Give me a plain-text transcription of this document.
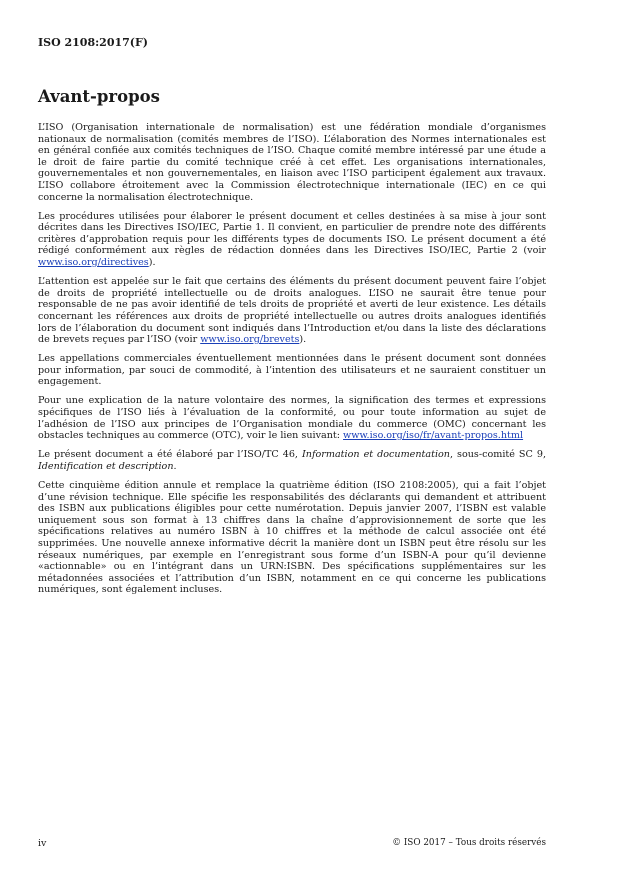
ISO 2108:2017(F)
Avant-propos

L’ISO (Organisation internationale de normalisation) est une fédération mondiale d’organismes nationaux de normalisation (comités membres de l’ISO). L’élaboration des Normes internationales est en général confiée aux comités techniques de l’ISO. Chaque comité membre intéressé par une étude a le droit de faire partie du comité technique créé à cet effet. Les organisations internationales, gouvernementales et non gouvernementales, en liaison avec l’ISO participent également aux travaux. L’ISO collabore étroitement avec la Commission électrotechnique internationale (IEC) en ce qui concerne la normalisation électrotechnique.

Les procédures utilisées pour élaborer le présent document et celles destinées à sa mise à jour sont décrites dans les Directives ISO/IEC, Partie 1. Il convient, en particulier de prendre note des différents critères d’approbation requis pour les différents types de documents ISO. Le présent document a été rédigé conformément aux règles de rédaction données dans les Directives ISO/IEC, Partie 2 (voir www.iso.org/directives).

L’attention est appelée sur le fait que certains des éléments du présent document peuvent faire l’objet de droits de propriété intellectuelle ou de droits analogues. L’ISO ne saurait être tenue pour responsable de ne pas avoir identifié de tels droits de propriété et averti de leur existence. Les détails concernant les références aux droits de propriété intellectuelle ou autres droits analogues identifiés lors de l’élaboration du document sont indiqués dans l’Introduction et/ou dans la liste des déclarations de brevets reçues par l’ISO (voir www.iso.org/brevets).

Les appellations commerciales éventuellement mentionnées dans le présent document sont données pour information, par souci de commodité, à l’intention des utilisateurs et ne sauraient constituer un engagement.

Pour une explication de la nature volontaire des normes, la signification des termes et expressions spécifiques de l’ISO liés à l’évaluation de la conformité, ou pour toute information au sujet de l’adhésion de l’ISO aux principes de l’Organisation mondiale du commerce (OMC) concernant les obstacles techniques au commerce (OTC), voir le lien suivant: www.iso.org/iso/fr/avant-propos.html

Le présent document a été élaboré par l’ISO/TC 46, Information et documentation, sous-comité SC 9, Identification et description.

Cette cinquième édition annule et remplace la quatrième édition (ISO 2108:2005), qui a fait l’objet d’une révision technique. Elle spécifie les responsabilités des déclarants qui demandent et attribuent des ISBN aux publications éligibles pour cette numérotation. Depuis janvier 2007, l’ISBN est valable uniquement sous son format à 13 chiffres dans la chaîne d’approvisionnement de sorte que les spécifications relatives au numéro ISBN à 10 chiffres et la méthode de calcul associée ont été supprimées. Une nouvelle annexe informative décrit la manière dont un ISBN peut être résolu sur les réseaux numériques, par exemple en l’enregistrant sous forme d’un ISBN-A pour qu’il devienne «actionnable» ou en l’intégrant dans un URN:ISBN. Des spécifications supplémentaires sur les métadonnées associées et l’attribution d’un ISBN, notamment en ce qui concerne les publications numériques, sont également incluses.

iv	© ISO 2017 – Tous droits réservés
